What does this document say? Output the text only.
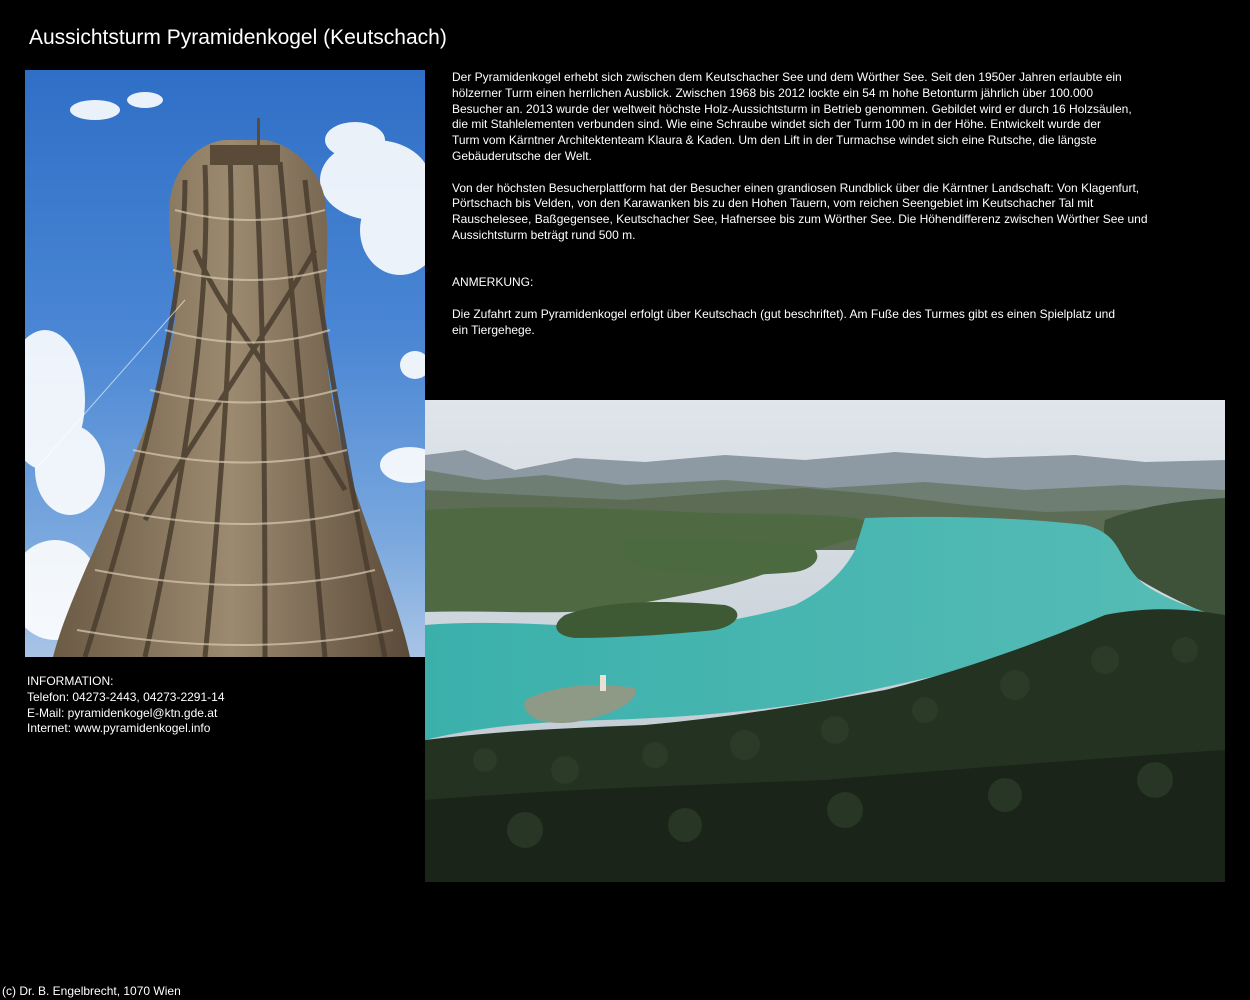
Aussichtsturm Pyramidenkogel (Keutschach)

Der Pyramidenkogel erhebt sich zwischen dem Keutschacher See und dem Wörther See. Seit den 1950er Jahren erlaubte ein
hölzerner Turm einen herrlichen Ausblick. Zwischen 1968 bis 2012 lockte ein 54 m hohe Betonturm jährlich über 100.000
Besucher an. 2013 wurde der weltweit höchste Holz-Aussichtsturm in Betrieb genommen. Gebildet wird er durch 16 Holzsäulen,
die mit Stahlelementen verbunden sind. Wie eine Schraube windet sich der Turm 100 m in der Höhe. Entwickelt wurde der
Turm vom Kärntner Architektenteam Klaura & Kaden. Um den Lift in der Turmachse windet sich eine Rutsche, die längste
Gebäuderutsche der Welt.

Von der höchsten Besucherplattform hat der Besucher einen grandiosen Rundblick über die Kärntner Landschaft: Von Klagenfurt,
Pörtschach bis Velden, von den Karawanken bis zu den Hohen Tauern, vom reichen Seengebiet im Keutschacher Tal mit
Rauschelesee, Baßgegensee, Keutschacher See, Hafnersee bis zum Wörther See. Die Höhendifferenz zwischen Wörther See und
Aussichtsturm beträgt rund 500 m.

ANMERKUNG:

Die Zufahrt zum Pyramidenkogel erfolgt über Keutschach (gut beschriftet). Am Fuße des Turmes gibt es einen Spielplatz und
ein Tiergehege.

INFORMATION:
Telefon: 04273-2443, 04273-2291-14
E-Mail: pyramidenkogel@ktn.gde.at
Internet: www.pyramidenkogel.info
(c) Dr. B. Engelbrecht, 1070 Wien
